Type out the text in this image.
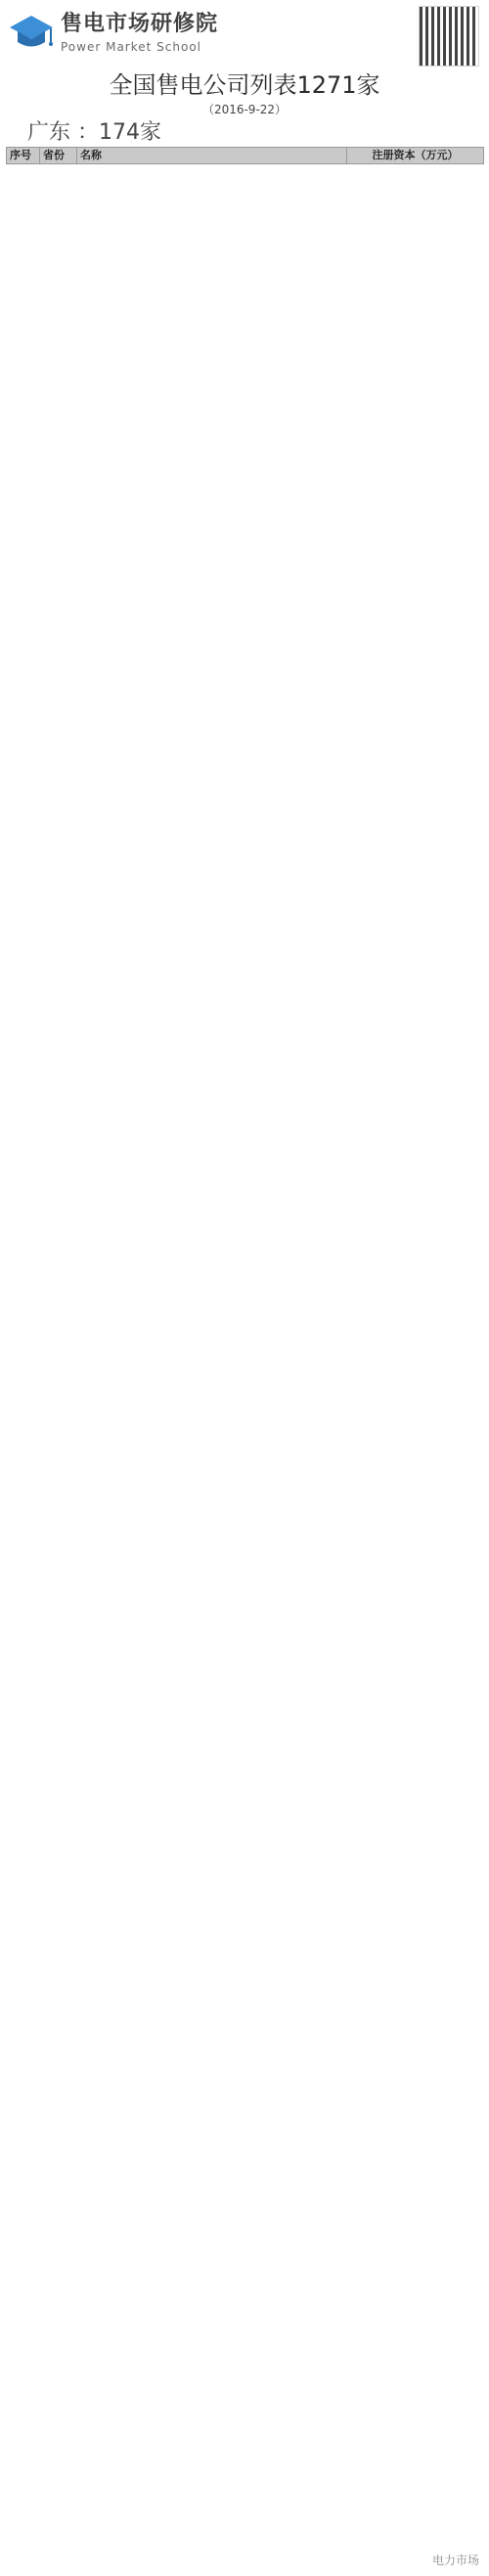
售电市场研修院
Power Market School
全国售电公司列表1271家
（2016-9-22）
广东 ：174家
序号	省份	名称	注册资本（万元）
电力市场
